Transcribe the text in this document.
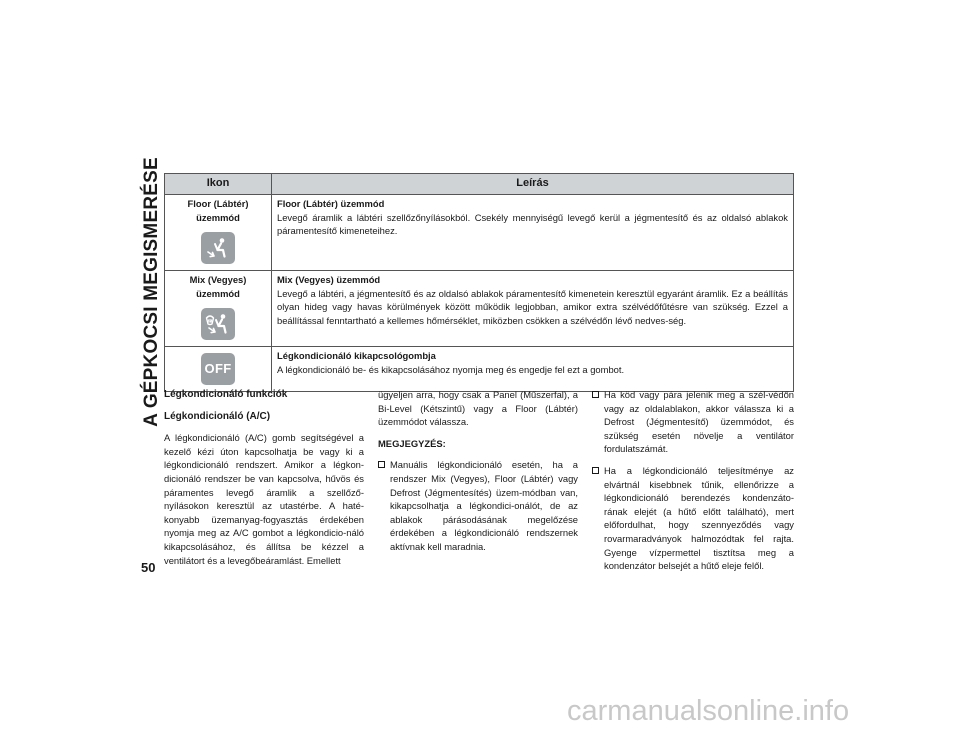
A GÉPKOCSI MEGISMERÉSE
50
Ikon	Leírás

Floor (Lábtér) üzemmód	Floor (Lábtér) üzemmód
Levegő áramlik a lábtéri szellőzőnyílásokból. Csekély mennyiségű levegő kerül a jégmentesítő és az oldalsó ablakok páramentesítő kimeneteihez.

Mix (Vegyes) üzemmód	Mix (Vegyes) üzemmód
Levegő a lábtéri, a jégmentesítő és az oldalsó ablakok páramentesítő kimenetein keresztül egyaránt áramlik. Ez a beállítás olyan hideg vagy havas körülmények között működik legjobban, amikor extra szélvédőfűtésre van szükség. Ezzel a beállítással fenntartható a kellemes hőmérséklet, miközben csökken a szélvédőn lévő nedves-ség.

OFF	Légkondicionáló kikapcsológombja
A légkondicionáló be- és kikapcsolásához nyomja meg és engedje fel ezt a gombot.

Légkondicionáló funkciók

Légkondicionáló (A/C)

A légkondicionáló (A/C) gomb segítségével a kezelő kézi úton kapcsolhatja be vagy ki a légkondicionáló rendszert. Amikor a légkon-dicionáló rendszer be van kapcsolva, hűvös és páramentes levegő áramlik a szellőző-nyílásokon keresztül az utastérbe. A haté-konyabb üzemanyag-fogyasztás érdekében nyomja meg az A/C gombot a légkondicio-náló kikapcsolásához, és állítsa be kézzel a ventilátort és a levegőbeáramlást. Emellett

ügyeljen arra, hogy csak a Panel (Műszerfal), a Bi-Level (Kétszintű) vagy a Floor (Lábtér) üzemmódot válassza.

MEGJEGYZÉS:

Manuális légkondicionáló esetén, ha a rendszer Mix (Vegyes), Floor (Lábtér) vagy Defrost (Jégmentesítés) üzem-módban van, kikapcsolhatja a légkondici-onálót, de az ablakok párásodásának megelőzése érdekében a légkondicionáló rendszernek aktívnak kell maradnia.
Ha köd vagy pára jelenik meg a szél-védőn vagy az oldalablakon, akkor válassza ki a Defrost (Jégmentesítő) üzemmódot, és szükség esetén növelje a ventilátor fordulatszámát.
Ha a légkondicionáló teljesítménye az elvártnál kisebbnek tűnik, ellenőrizze a légkondicionáló berendezés kondenzáto-rának elejét (a hűtő előtt található), mert előfordulhat, hogy szennyeződés vagy rovarmaradványok halmozódtak fel rajta. Gyenge vízpermettel tisztítsa meg a kondenzátor belsejét a hűtő eleje felől.
carmanualsonline.info
